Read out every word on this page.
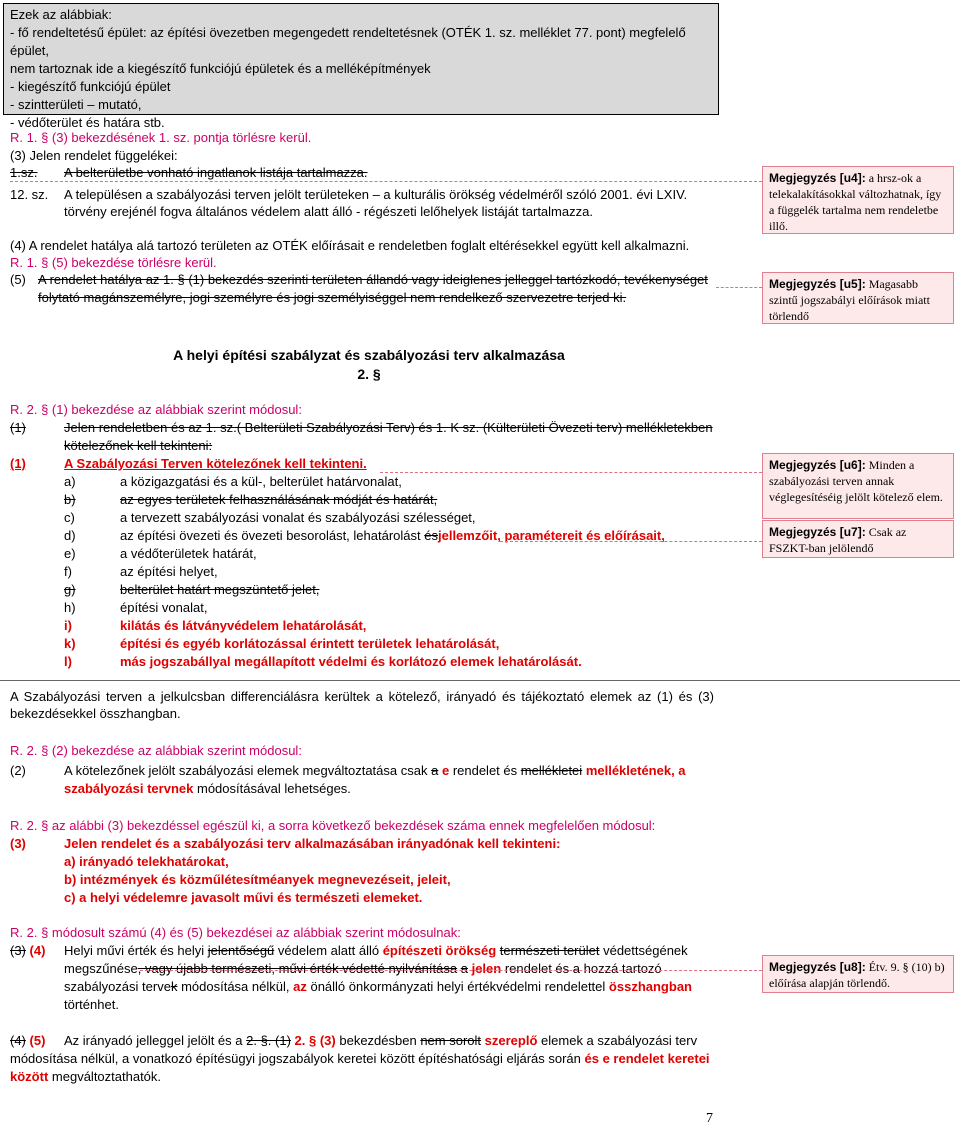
Ezek az alábbiak:
- fő rendeltetésű épület: az építési övezetben megengedett rendeltetésnek (OTÉK 1. sz. melléklet 77. pont) megfelelő épület,
nem tartoznak ide a kiegészítő funkciójú épületek és a melléképítmények
- kiegészítő funkciójú épület
- szintterületi – mutató,
- védőterület és határa stb.
R. 1. § (3) bekezdésének 1. sz. pontja törlésre kerül.
(3) Jelen rendelet függelékei:
1.sz. A belterületbe vonható ingatlanok listája tartalmazza.
12. sz. A településen a szabályozási terven jelölt területeken – a kulturális örökség védelméről szóló 2001. évi LXIV.
törvény erejénél fogva általános védelem alatt álló - régészeti lelőhelyek listáját tartalmazza.
(4) A rendelet hatálya alá tartozó területen az OTÉK előírásait e rendeletben foglalt eltérésekkel együtt kell alkalmazni.
R. 1. § (5) bekezdése törlésre kerül.
(5) A rendelet hatálya az 1. § (1) bekezdés szerinti területen állandó vagy ideiglenes jelleggel tartózkodó, tevékenységet
folytató magánszemélyre, jogi személyre és jogi személyiséggel nem rendelkező szervezetre terjed ki.
Megjegyzés [u4]: a hrsz-ok a telekalakításokkal változhatnak, így a függelék tartalma nem rendeletbe illő.
Megjegyzés [u5]: Magasabb szintű jogszabályi előírások miatt törlendő
Megjegyzés [u6]: Minden a szabályozási terven annak véglegesítéséig jelölt kötelező elem.
Megjegyzés [u7]: Csak az FSZKT-ban jelölendő
Megjegyzés [u8]: Étv. 9. § (10) b) előírása alapján törlendő.
A helyi építési szabályzat és szabályozási terv alkalmazása
2. §
R. 2. § (1) bekezdése az alábbiak szerint módosul:
(1)	Jelen rendeletben és az 1. sz.( Belterületi Szabályozási Terv) és 1. K sz. (Külterületi Övezeti terv) mellékletekben
kötelezőnek kell tekinteni:
(1)	A Szabályozási Terven kötelezőnek kell tekinteni.
a)	a közigazgatási és a kül-, belterület határvonalat,
b)	az egyes területek felhasználásának módját és határát,
c)	a tervezett szabályozási vonalat és szabályozási szélességet,
d)	az építési övezeti és övezeti besorolást, lehatárolást ésjellemzőit, paramétereit és előírásait,
e)	a védőterületek határát,
f)	az építési helyet,
g)	belterület határt megszüntető jelet,
h)	építési vonalat,
i)	kilátás és látványvédelem lehatárolását,
k)	építési és egyéb korlátozással érintett területek lehatárolását,
l)	más jogszabállyal megállapított védelmi és korlátozó elemek lehatárolását.
A Szabályozási terven a jelkulcsban differenciálásra kerültek a kötelező, irányadó és tájékoztató elemek az (1) és (3) bekezdésekkel összhangban.
R. 2. § (2) bekezdése az alábbiak szerint módosul:
(2)	A kötelezőnek jelölt szabályozási elemek megváltoztatása csak a e rendelet és mellékletei mellékletének, a
szabályozási tervnek módosításával lehetséges.
R. 2. § az alábbi (3) bekezdéssel egészül ki, a sorra következő bekezdések száma ennek megfelelően módosul:
(3)	Jelen rendelet és a szabályozási terv alkalmazásában irányadónak kell tekinteni:
a) irányadó telekhatárokat,
b) intézmények és közműlétesítméanyek megnevezéseit, jeleit,
c) a helyi védelemre javasolt művi és természeti elemeket.
R. 2. § módosult számú (4) és (5) bekezdései az alábbiak szerint módosulnak:
(3) (4) Helyi művi érték és helyi jelentőségű védelem alatt álló építészeti örökség természeti terület védettségének
megszűnése, vagy újabb természeti, művi érték védetté nyilvánítása a jelen rendelet és a hozzá tartozó
szabályozási tervek módosítása nélkül, az önálló önkormányzati helyi értékvédelmi rendelettel összhangban
történhet.
(4) (5) Az irányadó jelleggel jelölt és a 2. §. (1) 2. § (3) bekezdésben nem sorolt szereplő elemek a szabályozási terv
módosítása nélkül, a vonatkozó építésügyi jogszabályok keretei között építéshatósági eljárás során és e rendelet keretei
között megváltoztathatók.
7
